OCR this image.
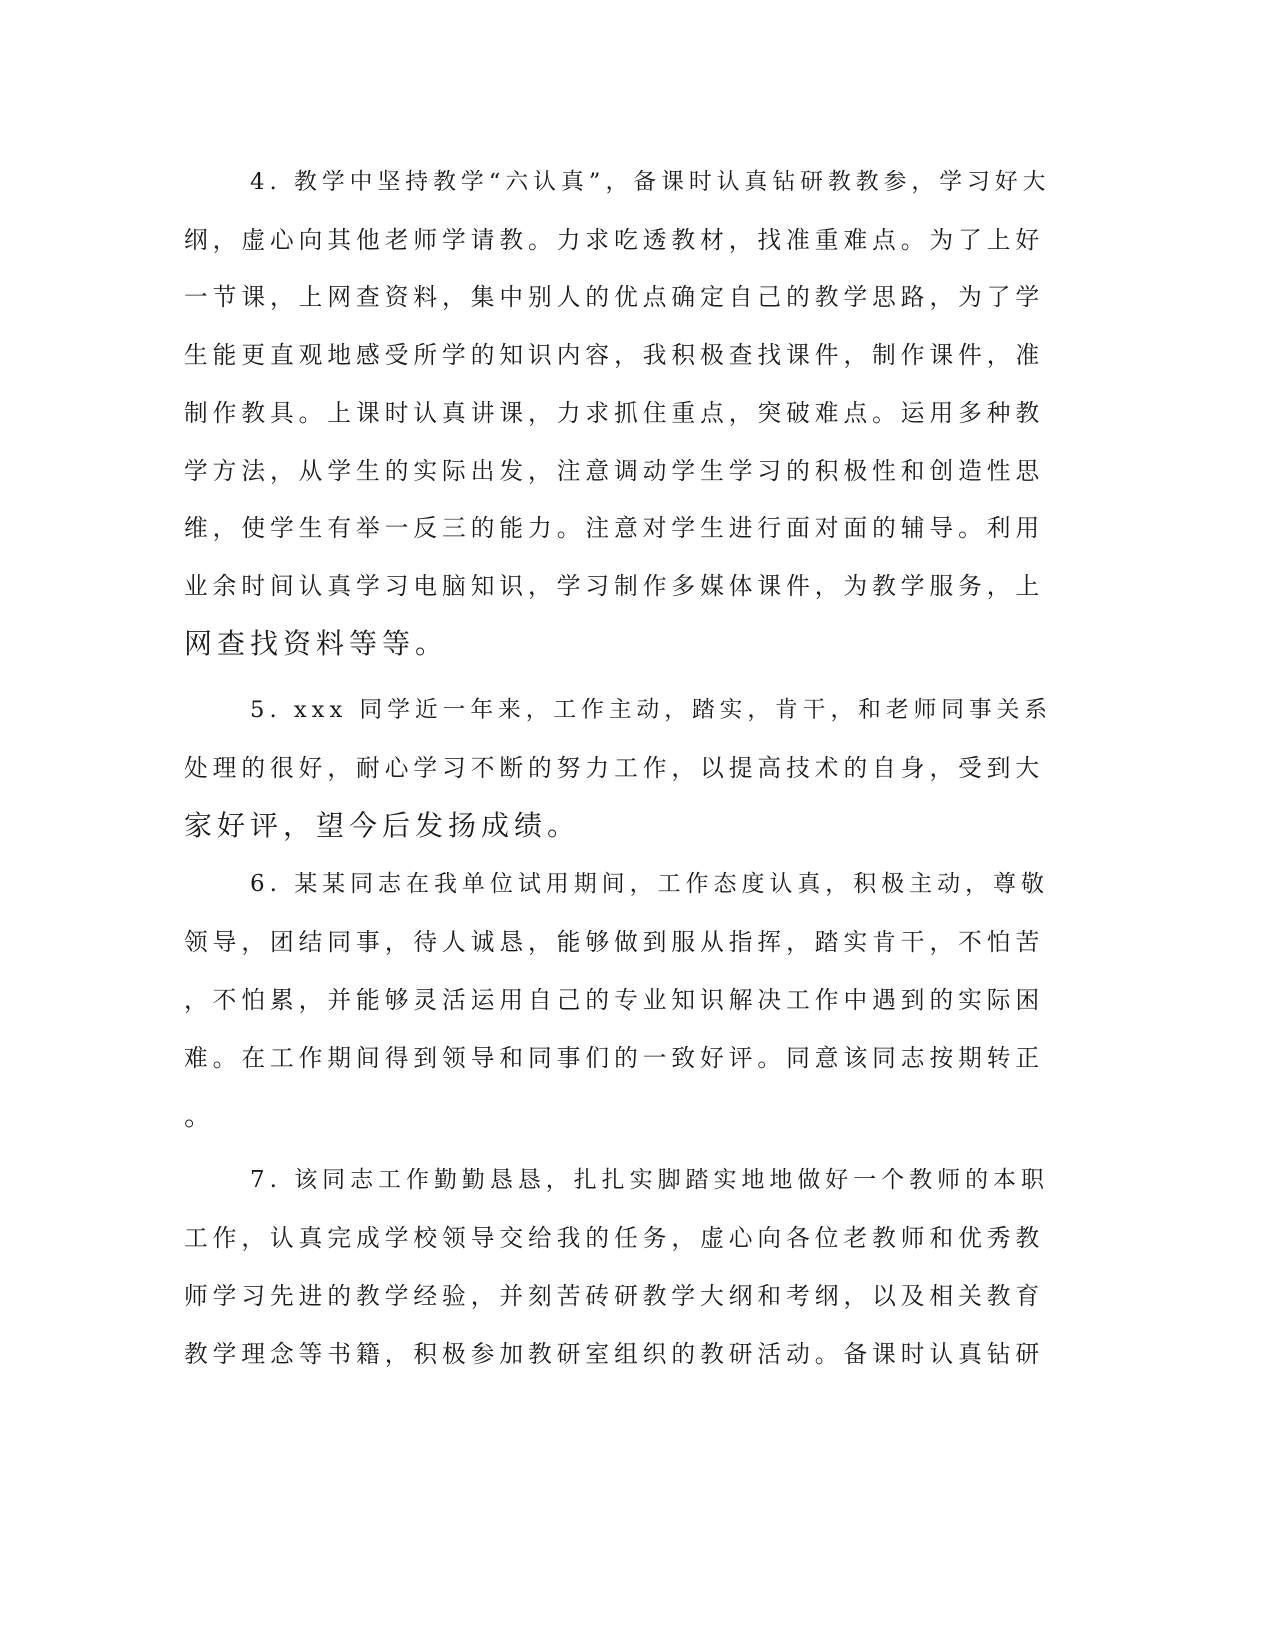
4. 教学中坚持教学“六认真”，备课时认真钻研教教参，学习好大

纲，虚心向其他老师学请教。力求吃透教材，找准重难点。为了上好

一节课，上网查资料，集中别人的优点确定自己的教学思路，为了学

生能更直观地感受所学的知识内容，我积极查找课件，制作课件，准

制作教具。上课时认真讲课，力求抓住重点，突破难点。运用多种教

学方法，从学生的实际出发，注意调动学生学习的积极性和创造性思

维，使学生有举一反三的能力。注意对学生进行面对面的辅导。利用

业余时间认真学习电脑知识，学习制作多媒体课件，为教学服务，上

网查找资料等等。

5. xxx 同学近一年来，工作主动，踏实，肯干，和老师同事关系

处理的很好，耐心学习不断的努力工作，以提高技术的自身，受到大

家好评，望今后发扬成绩。

6. 某某同志在我单位试用期间，工作态度认真，积极主动，尊敬

领导，团结同事，待人诚恳，能够做到服从指挥，踏实肯干，不怕苦

，不怕累，并能够灵活运用自己的专业知识解决工作中遇到的实际困

难。在工作期间得到领导和同事们的一致好评。同意该同志按期转正

。

7. 该同志工作勤勤恳恳，扎扎实脚踏实地地做好一个教师的本职

工作，认真完成学校领导交给我的任务，虚心向各位老教师和优秀教

师学习先进的教学经验，并刻苦砖研教学大纲和考纲，以及相关教育

教学理念等书籍，积极参加教研室组织的教研活动。备课时认真钻研
